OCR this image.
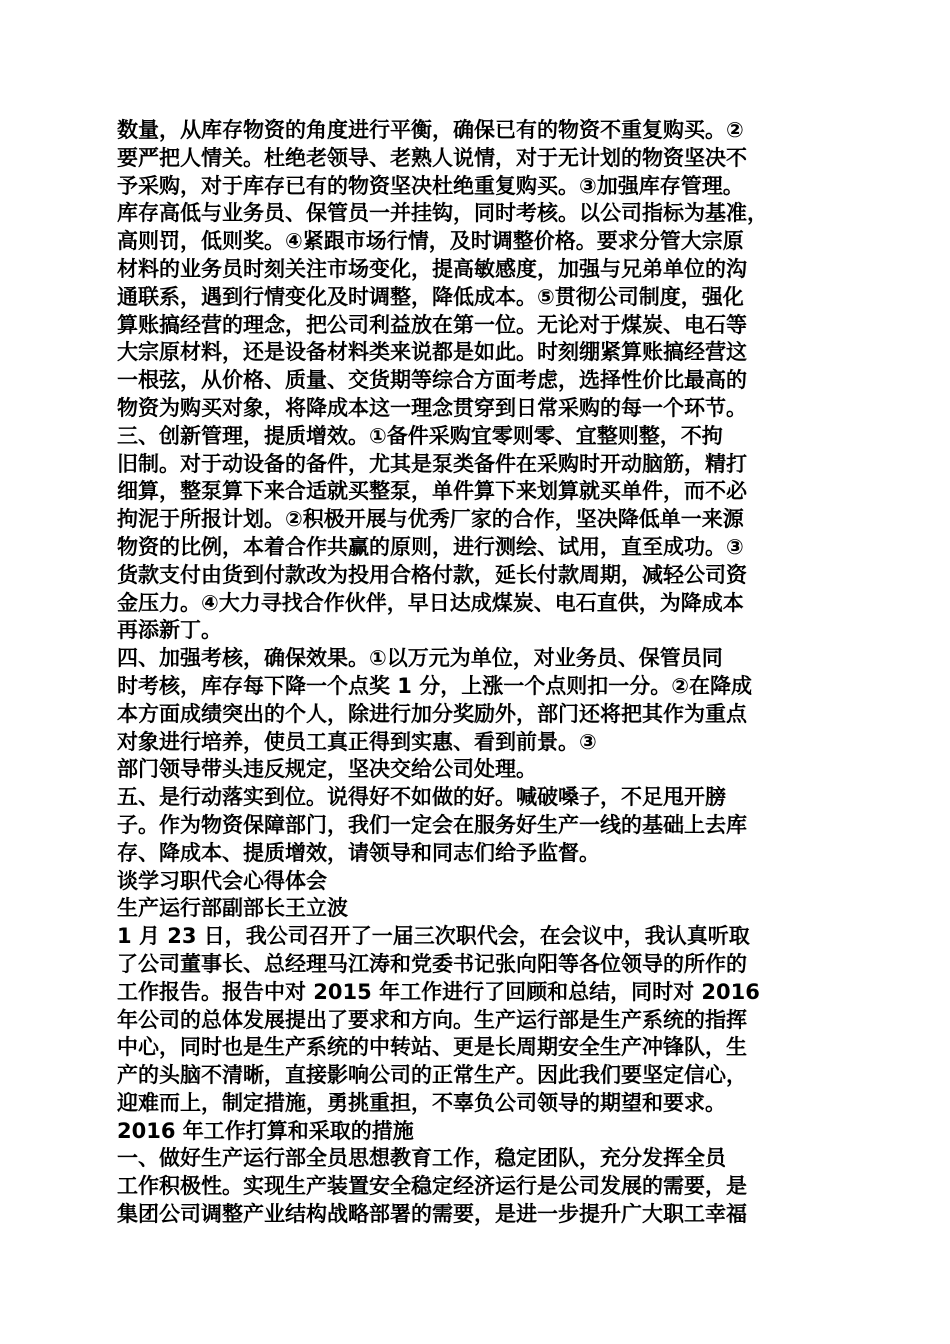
数量，从库存物资的角度进行平衡，确保已有的物资不重复购买。②
要严把人情关。杜绝老领导、老熟人说情，对于无计划的物资坚决不
予采购，对于库存已有的物资坚决杜绝重复购买。③加强库存管理。
库存高低与业务员、保管员一并挂钩，同时考核。以公司指标为基准，
高则罚，低则奖。④紧跟市场行情，及时调整价格。要求分管大宗原
材料的业务员时刻关注市场变化，提高敏感度，加强与兄弟单位的沟
通联系，遇到行情变化及时调整，降低成本。⑤贯彻公司制度，强化
算账搞经营的理念，把公司利益放在第一位。无论对于煤炭、电石等
大宗原材料，还是设备材料类来说都是如此。时刻绷紧算账搞经营这
一根弦，从价格、质量、交货期等综合方面考虑，选择性价比最高的
物资为购买对象，将降成本这一理念贯穿到日常采购的每一个环节。
三、创新管理，提质增效。①备件采购宜零则零、宜整则整，不拘
旧制。对于动设备的备件，尤其是泵类备件在采购时开动脑筋，精打
细算，整泵算下来合适就买整泵，单件算下来划算就买单件，而不必
拘泥于所报计划。②积极开展与优秀厂家的合作，坚决降低单一来源
物资的比例，本着合作共赢的原则，进行测绘、试用，直至成功。③
货款支付由货到付款改为投用合格付款，延长付款周期，减轻公司资
金压力。④大力寻找合作伙伴，早日达成煤炭、电石直供，为降成本
再添新丁。
四、加强考核，确保效果。①以万元为单位，对业务员、保管员同
时考核，库存每下降一个点奖 1 分，上涨一个点则扣一分。②在降成
本方面成绩突出的个人，除进行加分奖励外，部门还将把其作为重点
对象进行培养，使员工真正得到实惠、看到前景。③
部门领导带头违反规定，坚决交给公司处理。
五、是行动落实到位。说得好不如做的好。喊破嗓子，不足甩开膀
子。作为物资保障部门，我们一定会在服务好生产一线的基础上去库
存、降成本、提质增效，请领导和同志们给予监督。
谈学习职代会心得体会
生产运行部副部长王立波
1 月 23 日，我公司召开了一届三次职代会，在会议中，我认真听取
了公司董事长、总经理马江涛和党委书记张向阳等各位领导的所作的
工作报告。报告中对 2015 年工作进行了回顾和总结，同时对 2016
年公司的总体发展提出了要求和方向。生产运行部是生产系统的指挥
中心，同时也是生产系统的中转站、更是长周期安全生产冲锋队，生
产的头脑不清晰，直接影响公司的正常生产。因此我们要坚定信心，
迎难而上，制定措施，勇挑重担，不辜负公司领导的期望和要求。
2016 年工作打算和采取的措施
一、做好生产运行部全员思想教育工作，稳定团队，充分发挥全员
工作积极性。实现生产装置安全稳定经济运行是公司发展的需要，是
集团公司调整产业结构战略部署的需要，是进一步提升广大职工幸福
